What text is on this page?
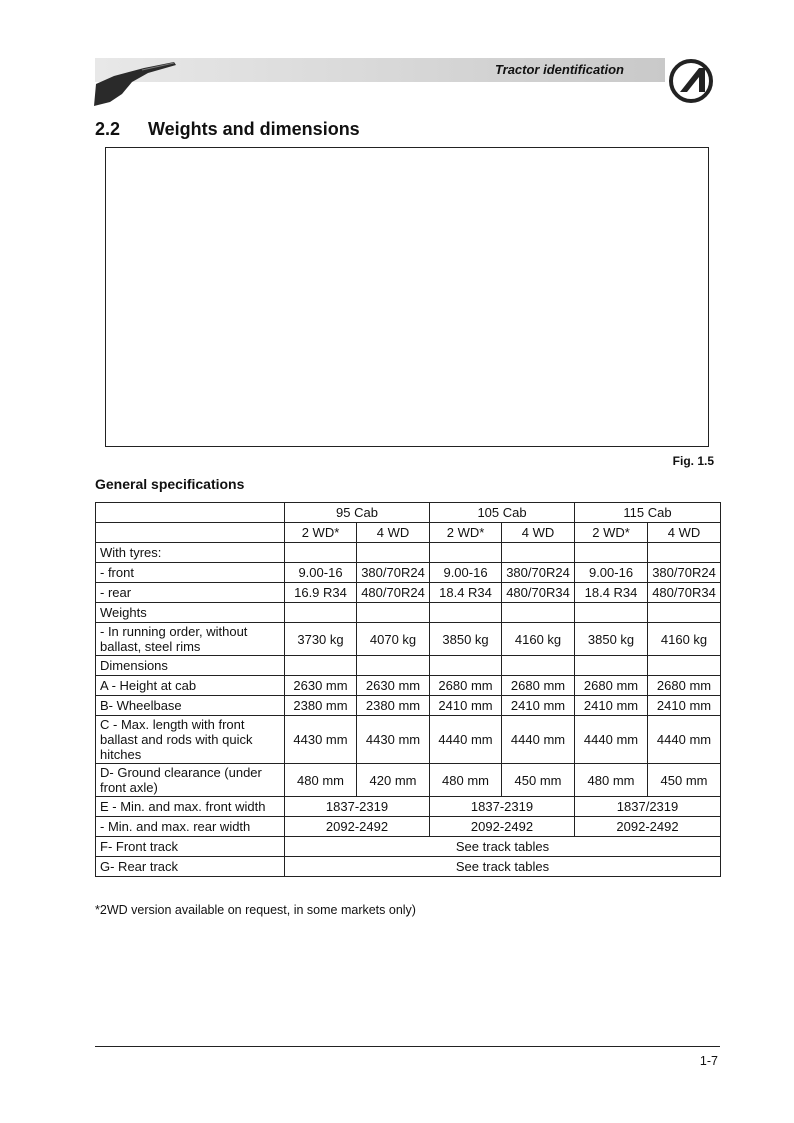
Tractor identification
2.2 Weights and dimensions
Fig. 1.5
General specifications
	95 Cab		105 Cab		115 Cab	
	2 WD*	4 WD	2 WD*	4 WD	2 WD*	4 WD
With tyres:						
- front	9.00-16	380/70R24	9.00-16	380/70R24	9.00-16	380/70R24
- rear	16.9 R34	480/70R24	18.4 R34	480/70R34	18.4 R34	480/70R34
Weights						
- In running order, without ballast, steel rims	3730 kg	4070 kg	3850 kg	4160 kg	3850 kg	4160 kg
Dimensions						
A - Height at cab	2630 mm	2630 mm	2680 mm	2680 mm	2680 mm	2680 mm
B- Wheelbase	2380 mm	2380 mm	2410 mm	2410 mm	2410 mm	2410 mm
C - Max. length with front ballast and rods with quick hitches	4430 mm	4430 mm	4440 mm	4440 mm	4440 mm	4440 mm
D- Ground clearance (under front axle)	480 mm	420 mm	480 mm	450 mm	480 mm	450 mm
E - Min. and max. front width	1837-2319		1837-2319		1837/2319	
- Min. and max. rear width	2092-2492		2092-2492		2092-2492	
F- Front track	See track tables					
G- Rear track	See track tables					
*2WD version available on request, in some markets only)
1-7
